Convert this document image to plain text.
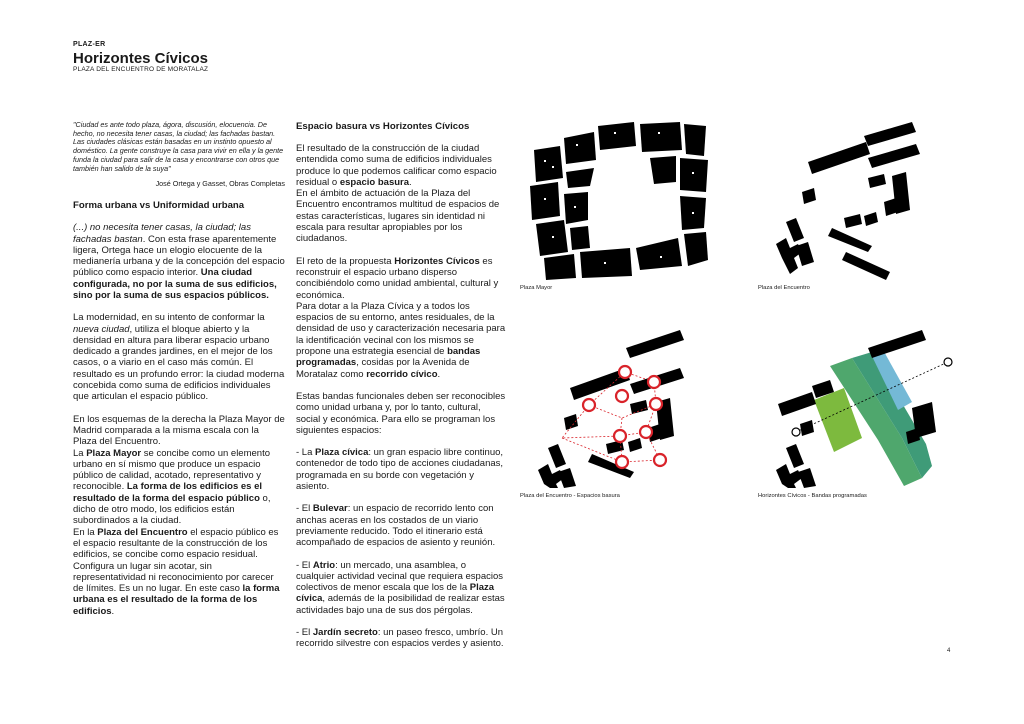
PLAZ-ER
Horizontes Cívicos
PLAZA DEL ENCUENTRO DE MORATALAZ
"Ciudad es ante todo plaza, ágora, discusión, elocuencia. De hecho, no necesita tener casas, la ciudad; las fachadas bastan. Las ciudades clásicas están basadas en un instinto opuesto al doméstico. La gente construye la casa para vivir en ella y la gente funda la ciudad para salir de la casa y encontrarse con otros que también han salido de la suya"
José Ortega y Gasset, Obras Completas
Forma urbana vs Uniformidad urbana

(...) no necesita tener casas, la ciudad; las fachadas bastan. Con esta frase aparentemente ligera, Ortega hace un elogio elocuente de la medianería urbana y de la concepción del espacio público como espacio interior. Una ciudad configurada, no por la suma de sus edificios, sino por la suma de sus espacios públicos.

La modernidad, en su intento de conformar la nueva ciudad, utiliza el bloque abierto y la densidad en altura para liberar espacio urbano dedicado a grandes jardines, en el mejor de los casos, o a viario en el caso más común. El resultado es un profundo error: la ciudad moderna concebida como suma de edificios individuales que articulan el espacio público.

En los esquemas de la derecha la Plaza Mayor de Madrid comparada a la misma escala con la Plaza del Encuentro.

La Plaza Mayor se concibe como un elemento urbano en sí mismo que produce un espacio público de calidad, acotado, representativo y reconocible. La forma de los edificios es el resultado de la forma del espacio público o, dicho de otro modo, los edificios están subordinados a la ciudad.

En la Plaza del Encuentro el espacio público es el espacio resultante de la construcción de los edificios, se concibe como espacio residual. Configura un lugar sin acotar, sin representatividad ni reconocimiento por carecer de límites. Es un no lugar. En este caso la forma urbana es el resultado de la forma de los edificios.

Espacio basura vs Horizontes Cívicos

El resultado de la construcción de la ciudad entendida como suma de edificios individuales produce lo que podemos calificar como espacio residual o espacio basura.

En el ámbito de actuación de la Plaza del Encuentro encontramos multitud de espacios de estas características, lugares sin identidad ni escala para resultar apropiables por los ciudadanos.

El reto de la propuesta Horizontes Cívicos es reconstruir el espacio urbano disperso concibiéndolo como unidad ambiental, cultural y económica.

Para dotar a la Plaza Cívica y a todos los espacios de su entorno, antes residuales, de la densidad de uso y caracterización necesaria para la identificación vecinal con los mismos se propone una estrategia esencial de bandas programadas, cosidas por la Avenida de Moratalaz como recorrido cívico.

Estas bandas funcionales deben ser reconocibles como unidad urbana y, por lo tanto, cultural, social y económica. Para ello se programan los siguientes espacios:

- La Plaza cívica: un gran espacio libre continuo, contenedor de todo tipo de acciones ciudadanas, programada en su borde con vegetación y asiento.

- El Bulevar: un espacio de recorrido lento con anchas aceras en los costados de un viario previamente reducido. Todo el itinerario está acompañado de espacios de asiento y reunión.

- El Atrio: un mercado, una asamblea, o cualquier actividad vecinal que requiera espacios colectivos de menor escala que los de la Plaza cívica, además de la posibilidad de realizar estas actividades bajo una de sus dos pérgolas.

- El Jardín secreto: un paseo fresco, umbrío. Un recorrido silvestre con espacios verdes y asiento.

Plaza Mayor	Plaza del Encuentro
Plaza del Encuentro - Espacios basura	Horizontes Cívicos - Bandas programadas
4
